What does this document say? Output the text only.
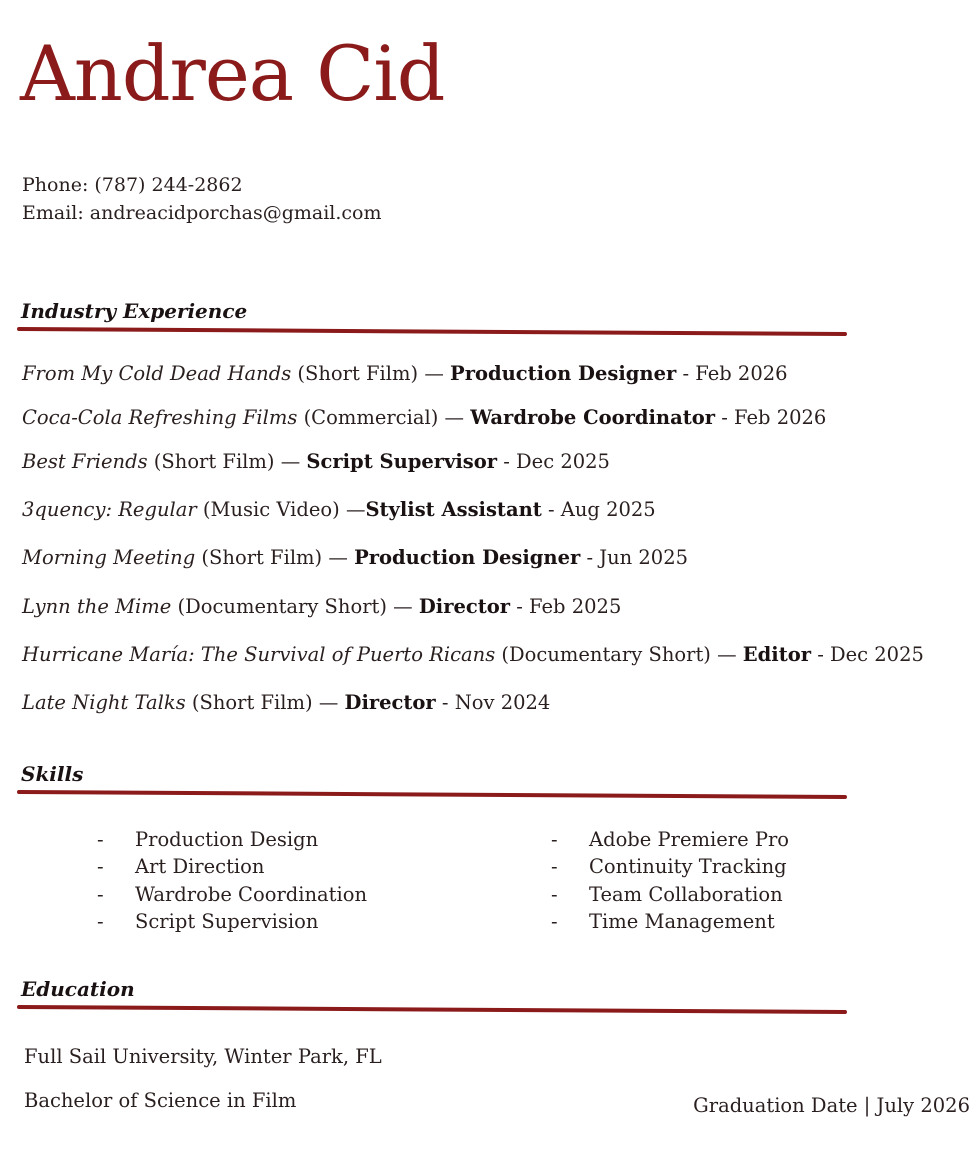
Andrea Cid
Phone: (787) 244-2862
Email: andreacidporchas@gmail.com
Industry Experience
From My Cold Dead Hands (Short Film) — Production Designer - Feb 2026
Coca-Cola Refreshing Films (Commercial) — Wardrobe Coordinator - Feb 2026
Best Friends (Short Film) — Script Supervisor - Dec 2025
3quency: Regular (Music Video) —Stylist Assistant - Aug 2025
Morning Meeting (Short Film) — Production Designer - Jun 2025
Lynn the Mime (Documentary Short) — Director - Feb 2025
Hurricane María: The Survival of Puerto Ricans (Documentary Short) — Editor - Dec 2025
Late Night Talks (Short Film) — Director - Nov 2024
Skills
- Production Design
- Art Direction
- Wardrobe Coordination
- Script Supervision
- Adobe Premiere Pro
- Continuity Tracking
- Team Collaboration
- Time Management
Education
Full Sail University, Winter Park, FL
Bachelor of Science in Film	Graduation Date | July 2026
